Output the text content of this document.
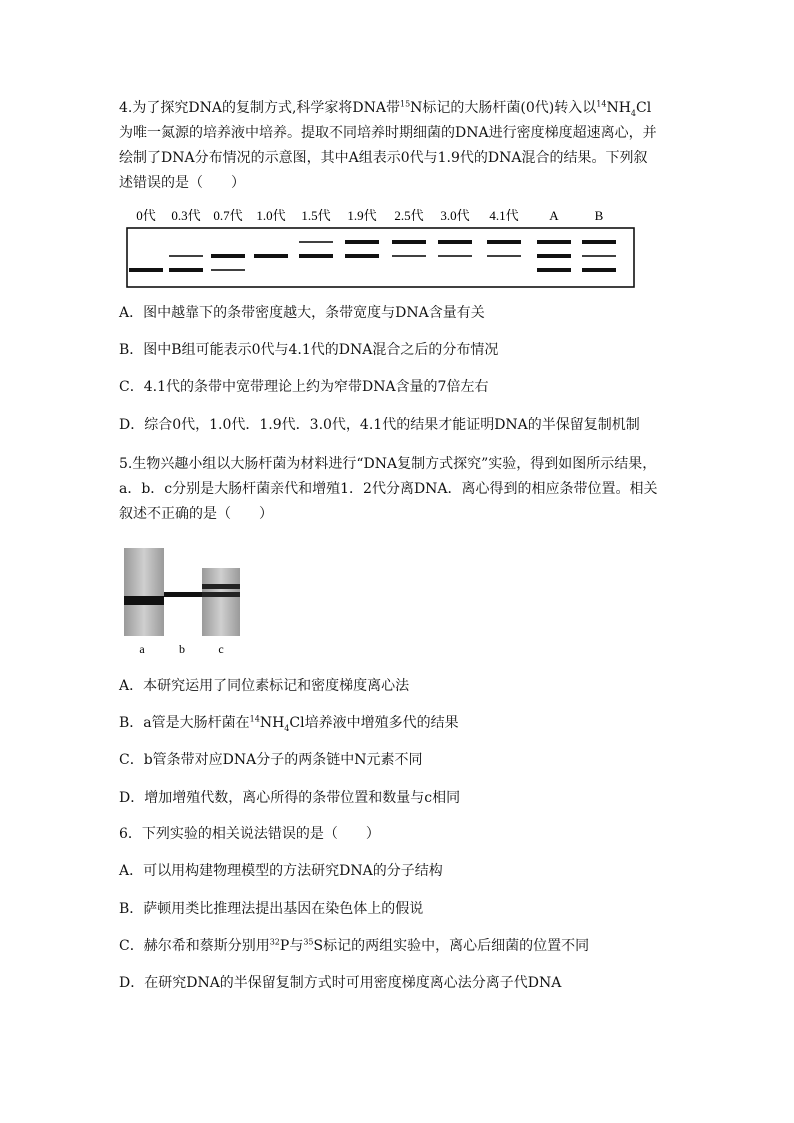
4.为了探究DNA的复制方式,科学家将DNA带$^{15}$N标记的大肠杆菌(0代)转入以$^{14}NH_4Cl$
为唯一氮源的培养液中培养。提取不同培养时期细菌的DNA进行密度梯度超速离心，并
绘制了DNA分布情况的示意图，其中A组表示0代与1.9代的DNA混合的结果。下列叙
述错误的是（　　）
0代 0.3代 0.7代 1.0代 1.5代 1.9代 2.5代 3.0代 4.1代 A	B

A．图中越靠下的条带密度越大，条带宽度与DNA含量有关

B．图中B组可能表示0代与4.1代的DNA混合之后的分布情况

C．4.1代的条带中宽带理论上约为窄带DNA含量的7倍左右

D．综合0代，1.0代．1.9代．3.0代，4.1代的结果才能证明DNA的半保留复制机制

5.生物兴趣小组以大肠杆菌为材料进行“DNA复制方式探究”实验，得到如图所示结果，
a．b．c分别是大肠杆菌亲代和增殖1．2代分离DNA．离心得到的相应条带位置。相关
叙述不正确的是（　　）
a	b	c

A．本研究运用了同位素标记和密度梯度离心法

B．a管是大肠杆菌在$^{14}NH_4Cl$培养液中增殖多代的结果

C．b管条带对应DNA分子的两条链中N元素不同

D．增加增殖代数，离心所得的条带位置和数量与c相同

6．下列实验的相关说法错误的是（　　）

A．可以用构建物理模型的方法研究DNA的分子结构

B．萨顿用类比推理法提出基因在染色体上的假说

C．赫尔希和蔡斯分别用$^{32}$P与$^{35}$S标记的两组实验中，离心后细菌的位置不同

D．在研究DNA的半保留复制方式时可用密度梯度离心法分离子代DNA
